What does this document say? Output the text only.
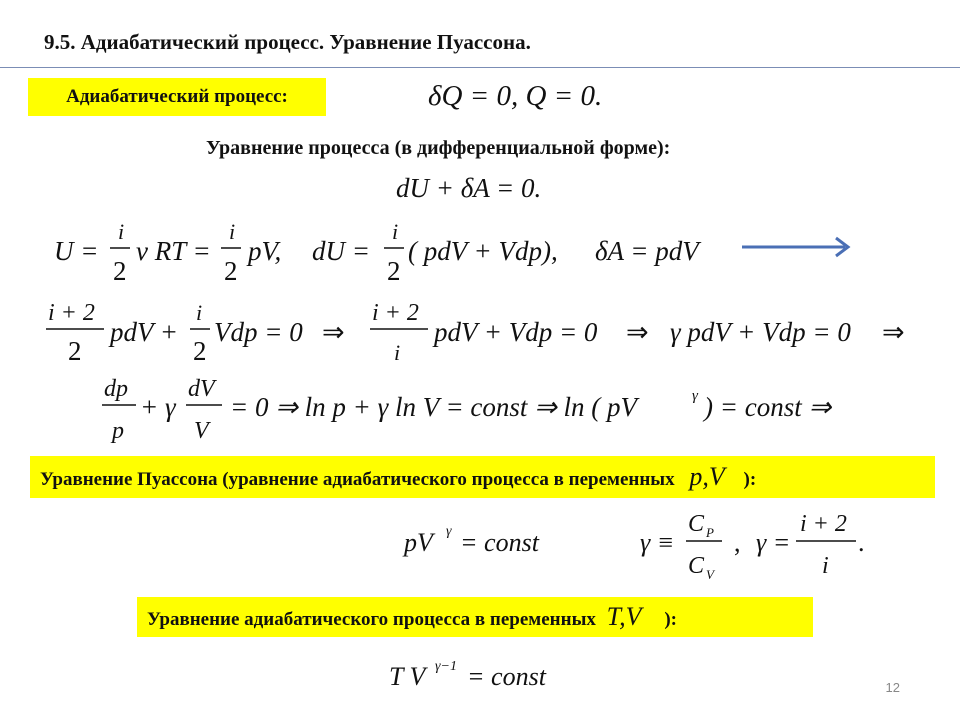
9.5. Адиабатический процесс. Уравнение Пуассона.
Адиабатический процесс:	δQ = 0, Q = 0.
Уравнение процесса (в дифференциальной форме):
dU + δA = 0.
U =
i
2
ν RT =
i
2
pV, dU =
i
2
( pdV + Vdp), δA = pdV
i + 2
2
pdV +
i
2
Vdp = 0 ⇒
i + 2
i
pdV + Vdp = 0 ⇒ γ pdV + Vdp = 0 ⇒
dp
p
+ γ
dV
V
= 0 ⇒ ln p + γ ln V = const ⇒ ln ( pV	γ ) = const ⇒
Уравнение Пуассона (уравнение адиабатического процесса в переменных p,V ):
pV γ = const	γ ≡
C P
C V
, γ =
i + 2
i
.
Уравнение адиабатического процесса в переменных T,V ):
T V γ−1 = const	12
